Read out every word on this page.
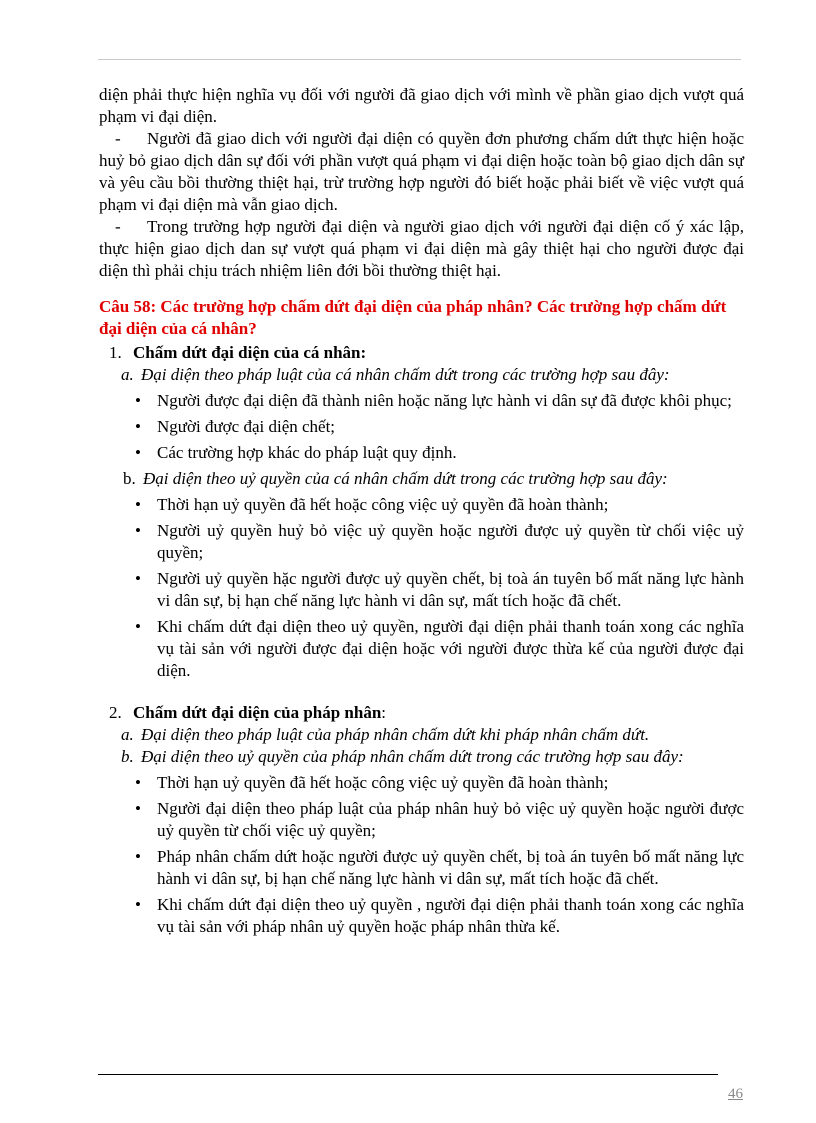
diện phải thực hiện nghĩa vụ đối với người đã giao dịch với mình về phần giao dịch vượt quá phạm vi đại diện.

- Người đã giao dich với người đại diện có quyền đơn phương chấm dứt thực hiện hoặc huỷ bỏ giao dịch dân sự đối với phần vượt quá phạm vi đại diện hoặc toàn bộ giao dịch dân sự và yêu cầu bồi thường thiệt hại, trừ trường hợp người đó biết hoặc phải biết về việc vượt quá phạm vi đại diện mà vẫn giao dịch.

- Trong trường hợp người đại diện và người giao dịch với người đại diện cố ý xác lập, thực hiện giao dịch dan sự vượt quá phạm vi đại diện mà gây thiệt hại cho người được đại diện thì phải chịu trách nhiệm liên đới bồi thường thiệt hại.

Câu 58: Các trường hợp chấm dứt đại diện của pháp nhân? Các trường hợp chấm dứt đại diện của cá nhân?

1. Chấm dứt đại diện của cá nhân:

a. Đại diện theo pháp luật của cá nhân chấm dứt trong các trường hợp sau đây:

• Người được đại diện đã thành niên hoặc năng lực hành vi dân sự đã được khôi phục;
• Người được đại diện chết;
• Các trường hợp khác do pháp luật quy định.

b. Đại diện theo uỷ quyền của cá nhân chấm dứt trong các trường hợp sau đây:

• Thời hạn uỷ quyền đã hết hoặc công việc uỷ quyền đã hoàn thành;
• Người uỷ quyền huỷ bỏ việc uỷ quyền hoặc người được uỷ quyền từ chối việc uỷ quyền;
• Người uỷ quyền hặc người được uỷ quyền chết, bị toà án tuyên bố mất năng lực hành vi dân sự, bị hạn chế năng lực hành vi dân sự, mất tích hoặc đã chết.
• Khi chấm dứt đại diện theo uỷ quyền, người đại diện phải thanh toán xong các nghĩa vụ tài sản với người được đại diện hoặc với người được thừa kế của người được đại diện.

2. Chấm dứt đại diện của pháp nhân:

a. Đại diện theo pháp luật của pháp nhân chấm dứt khi pháp nhân chấm dứt.

b. Đại diện theo uỷ quyền của pháp nhân chấm dứt trong các trường hợp sau đây:

• Thời hạn uỷ quyền đã hết hoặc công việc uỷ quyền đã hoàn thành;
• Người đại diện theo pháp luật của pháp nhân huỷ bỏ việc uỷ quyền hoặc người được uỷ quyền từ chối việc uỷ quyền;
• Pháp nhân chấm dứt hoặc người được uỷ quyền chết, bị toà án tuyên bố mất năng lực hành vi dân sự, bị hạn chế năng lực hành vi dân sự, mất tích hoặc đã chết.
• Khi chấm dứt đại diện theo uỷ quyền , người đại diện phải thanh toán xong các nghĩa vụ tài sản với pháp nhân uỷ quyền hoặc pháp nhân thừa kế.
46
